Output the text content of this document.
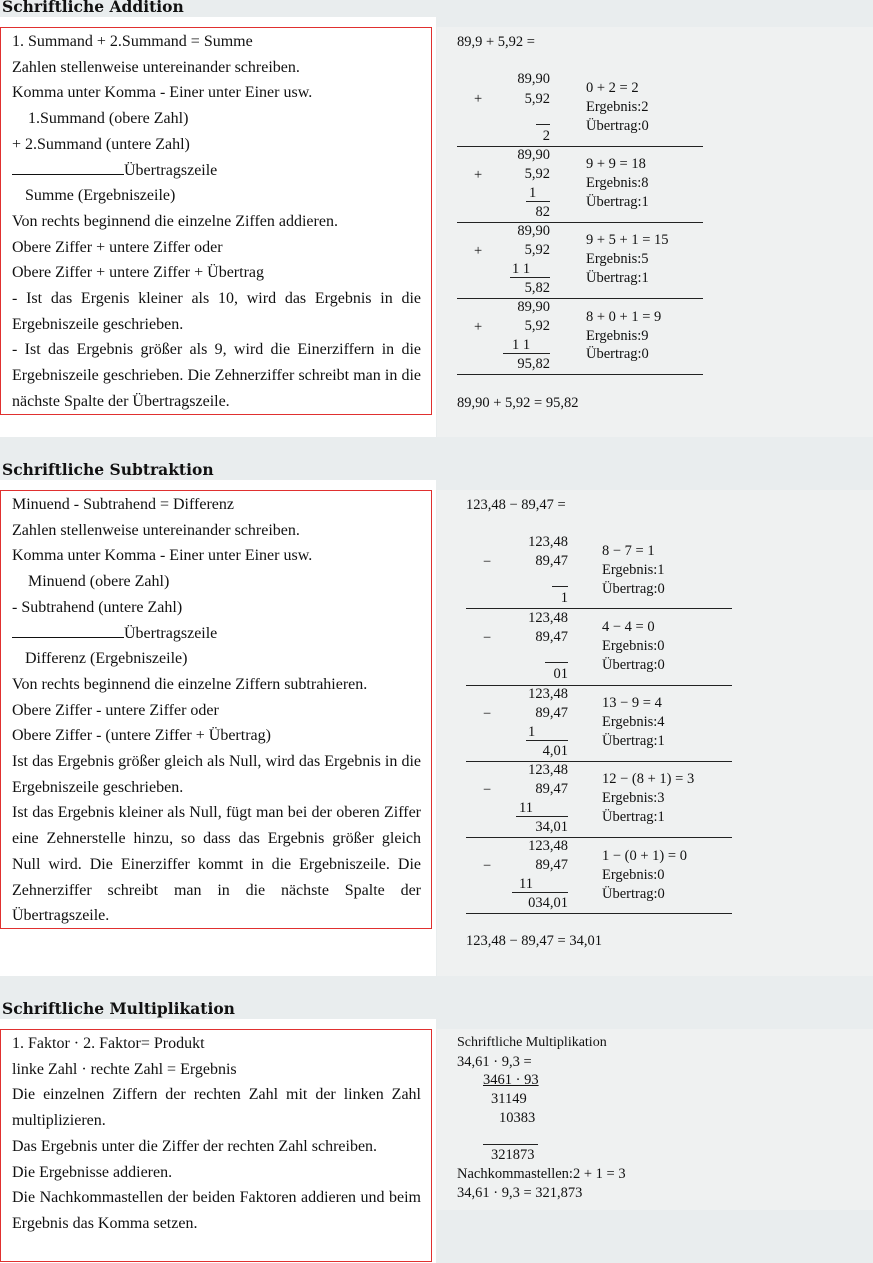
Schriftliche Addition
1. Summand + 2.Summand = Summe
Zahlen stellenweise untereinander schreiben.
Komma unter Komma - Einer unter Einer usw.
1.Summand (obere Zahl)
+ 2.Summand (untere Zahl)
Übertragszeile
Summe (Ergebniszeile)
Von rechts beginnend die einzelne Ziffen addieren.
Obere Ziffer + untere Ziffer oder
Obere Ziffer + untere Ziffer + Übertrag
- Ist das Ergenis kleiner als 10, wird das Ergebnis in die Ergebniszeile geschrieben.
- Ist das Ergebnis größer als 9, wird die Einerziffern in die Ergebniszeile geschrieben. Die Zehnerziffer schreibt man in die nächste Spalte der Übertragszeile.
89,9 + 5,92 =
+
89,90
5,92
2
0 + 2 = 2
Ergebnis:2
Übertrag:0
89,90
+	5,92
1
82
9 + 9 = 18
Ergebnis:8
Übertrag:1
89,90
+	5,92
1 1
5,82
9 + 5 + 1 = 15
Ergebnis:5
Übertrag:1
89,90
+	5,92
1 1
95,82
8 + 0 + 1 = 9
Ergebnis:9
Übertrag:0
89,90 + 5,92 = 95,82
Schriftliche Subtraktion
Minuend - Subtrahend = Differenz
Zahlen stellenweise untereinander schreiben.
Komma unter Komma - Einer unter Einer usw.
Minuend (obere Zahl)
- Subtrahend (untere Zahl)
Übertragszeile
Differenz (Ergebniszeile)
Von rechts beginnend die einzelne Ziffern subtrahieren.
Obere Ziffer - untere Ziffer oder
Obere Ziffer - (untere Ziffer + Übertrag)
Ist das Ergebnis größer gleich als Null, wird das Ergebnis in die Ergebniszeile geschrieben.
Ist das Ergebnis kleiner als Null, fügt man bei der oberen Ziffer eine Zehnerstelle hinzu, so dass das Ergebnis größer gleich Null wird. Die Einerziffer kommt in die Ergebniszeile. Die Zehnerziffer schreibt man in die nächste Spalte der Übertragszeile.
123,48 − 89,47 =
123,48
−	89,47
1
8 − 7 = 1
Ergebnis:1
Übertrag:0
123,48
−	89,47
01
4 − 4 = 0
Ergebnis:0
Übertrag:0
123,48
−	89,47
1
4,01
13 − 9 = 4
Ergebnis:4
Übertrag:1
123,48
−	89,47
11
34,01
12 − (8 + 1) = 3
Ergebnis:3
Übertrag:1
123,48
−	89,47
11
034,01
1 − (0 + 1) = 0
Ergebnis:0
Übertrag:0
123,48 − 89,47 = 34,01
Schriftliche Multiplikation
1. Faktor · 2. Faktor= Produkt
linke Zahl · rechte Zahl = Ergebnis
Die einzelnen Ziffern der rechten Zahl mit der linken Zahl multiplizieren.
Das Ergebnis unter die Ziffer der rechten Zahl schreiben.
Die Ergebnisse addieren.
Die Nachkommastellen der beiden Faktoren addieren und beim Ergebnis das Komma setzen.
Schriftliche Multiplikation
34,61 · 9,3 =
3461 · 93
31149
10383
321873
Nachkommastellen:2 + 1 = 3
34,61 · 9,3 = 321,873
